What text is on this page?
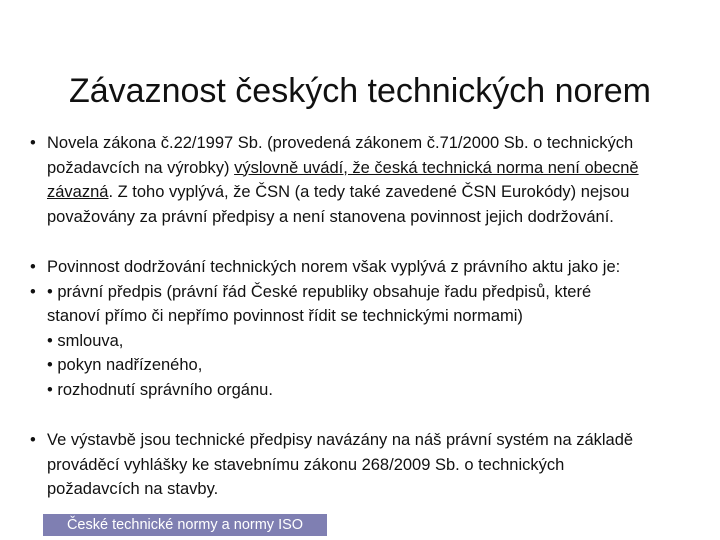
Závaznost českých technických norem
• Novela zákona č.22/1997 Sb. (provedená zákonem č.71/2000 Sb. o technických
požadavcích na výrobky) výslovně uvádí, že česká technická norma není obecně
závazná. Z toho vyplývá, že ČSN (a tedy také zavedené ČSN Eurokódy) nejsou
považovány za právní předpisy a není stanovena povinnost jejich dodržování.
• Povinnost dodržování technických norem však vyplývá z právního aktu jako je:
• • právní předpis (právní řád České republiky obsahuje řadu předpisů, které
stanoví přímo či nepřímo povinnost řídit se technickými normami)
• smlouva,
• pokyn nadřízeného,
• rozhodnutí správního orgánu.
• Ve výstavbě jsou technické předpisy navázány na náš právní systém na základě
prováděcí vyhlášky ke stavebnímu zákonu 268/2009 Sb. o technických
požadavcích na stavby.
České technické normy a normy ISO
